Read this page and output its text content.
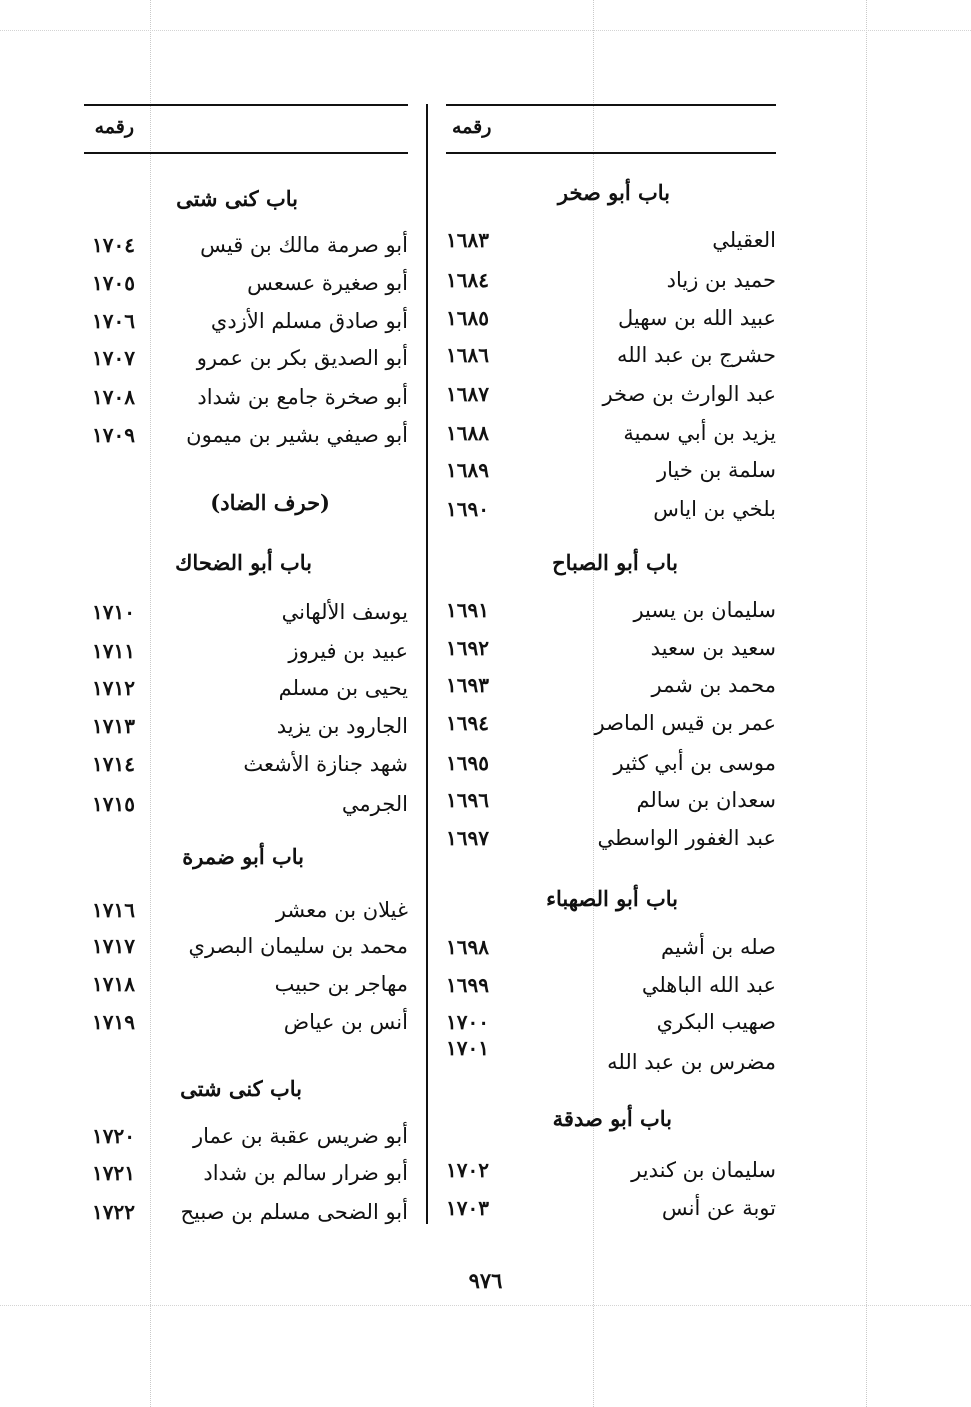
رقمه	رقمه
باب أبو صخر
العقيلي
١٦٨٣
حميد بن زياد
١٦٨٤
عبيد الله بن سهيل
١٦٨٥
حشرج بن عبد الله
١٦٨٦
عبد الوارث بن صخر
١٦٨٧
يزيد بن أبي سمية
١٦٨٨
سلمة بن خيار
١٦٨٩
بلخي بن اياس
١٦٩٠
باب أبو الصباح
سليمان بن يسير
١٦٩١
سعيد بن سعيد
١٦٩٢
محمد بن شمر
١٦٩٣
عمر بن قيس الماصر
١٦٩٤
موسى بن أبي كثير
١٦٩٥
سعدان بن سالم
١٦٩٦
عبد الغفور الواسطي
١٦٩٧
باب أبو الصهباء
صله بن أشيم
١٦٩٨
عبد الله الباهلي
١٦٩٩
صهيب البكري
١٧٠٠
مضرس بن عبد الله
١٧٠١
باب أبو صدقة
سليمان بن كندير
١٧٠٢
توبة عن أنس
١٧٠٣
باب كنى شتى
أبو صرمة مالك بن قيس
١٧٠٤
أبو صغيرة عسعس
١٧٠٥
أبو صادق مسلم الأزدي
١٧٠٦
أبو الصديق بكر بن عمرو
١٧٠٧
أبو صخرة جامع بن شداد
١٧٠٨
أبو صيفي بشير بن ميمون
١٧٠٩
(حرف الضاد)
باب أبو الضحاك
يوسف الألهاني
١٧١٠
عبيد بن فيروز
١٧١١
يحيى بن مسلم
١٧١٢
الجارود بن يزيد
١٧١٣
شهد جنازة الأشعث
١٧١٤
الجرمي
١٧١٥
باب أبو ضمرة
غيلان بن معشر
١٧١٦
محمد بن سليمان البصري
١٧١٧
مهاجر بن حبيب
١٧١٨
أنس بن عياض
١٧١٩
باب كنى شتى
أبو ضريس عقبة بن عمار
١٧٢٠
أبو ضرار سالم بن شداد
١٧٢١
أبو الضحى مسلم بن صبيح
١٧٢٢
٩٧٦
